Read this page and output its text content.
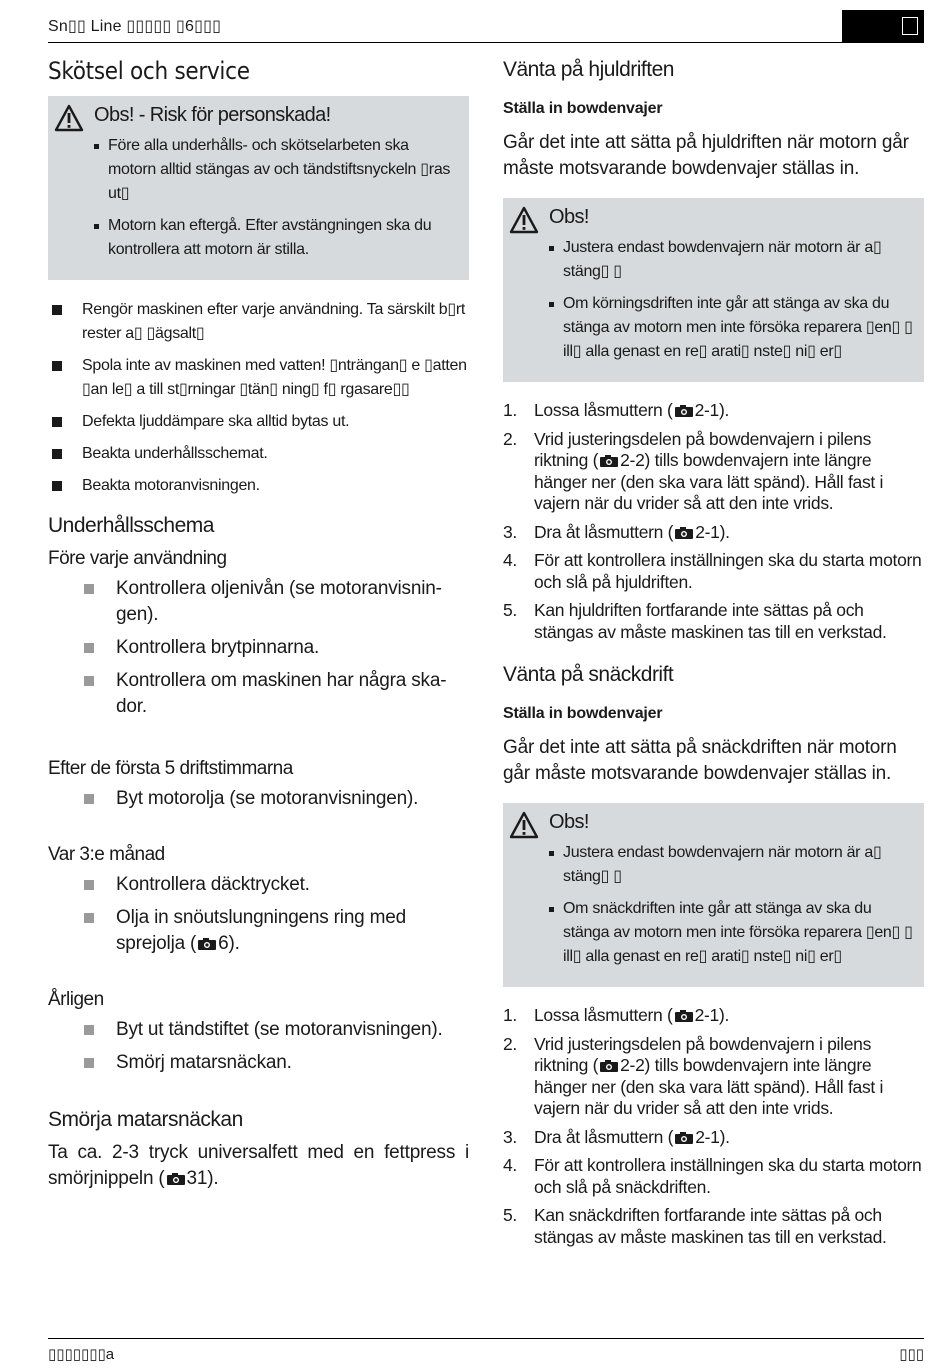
Sn▯▯ Line ▯▯▯▯▯ ▯6▯▯▯
Skötsel och service
Obs! - Risk för personskada!
Före alla underhålls- och skötselarbeten ska motorn alltid stängas av och tändstiftsnyckeln ▯ras ut▯
Motorn kan eftergå. Efter avstängningen ska du kontrollera att motorn är stilla.
Rengör maskinen efter varje användning. Ta särskilt b▯rt rester a▯ ▯ägsalt▯
Spola inte av maskinen med vatten! ▯nträngan▯ e ▯atten ▯an le▯ a till st▯rningar ▯tän▯ ning▯ f▯ rgasare▯▯
Defekta ljuddämpare ska alltid bytas ut.
Beakta underhållsschemat.
Beakta motoranvisningen.
Underhållsschema
Före varje användning
Kontrollera oljenivån (se motoranvisnin-gen).
Kontrollera brytpinnarna.
Kontrollera om maskinen har några ska-dor.
Efter de första 5 driftstimmarna
Byt motorolja (se motoranvisningen).
Var 3:e månad
Kontrollera däcktrycket.
Olja in snöutslungningens ring med sprejolja ( 6).
Årligen
Byt ut tändstiftet (se motoranvisningen).
Smörj matarsnäckan.
Smörja matarsnäckan

Ta ca. 2-3 tryck universalfett med en fettpress i smörjnippeln ( 31).

Vänta på hjuldriften
Ställa in bowdenvajer

Går det inte att sätta på hjuldriften när motorn går måste motsvarande bowdenvajer ställas in.

Obs!
Justera endast bowdenvajern när motorn är a▯ stäng▯ ▯
Om körningsdriften inte går att stänga av ska du stänga av motorn men inte försöka reparera ▯en▯ ▯ ill▯ alla genast en re▯ arati▯ nste▯ ni▯ er▯
1. Lossa låsmuttern ( 2-1).
2. Vrid justeringsdelen på bowdenvajern i pilens riktning ( 2-2) tills bowdenvajern inte längre hänger ner (den ska vara lätt spänd). Håll fast i vajern när du vrider så att den inte vrids.
3. Dra åt låsmuttern ( 2-1).
4. För att kontrollera inställningen ska du starta motorn och slå på hjuldriften.
5. Kan hjuldriften fortfarande inte sättas på och stängas av måste maskinen tas till en verkstad.
Vänta på snäckdrift
Ställa in bowdenvajer

Går det inte att sätta på snäckdriften när motorn går måste motsvarande bowdenvajer ställas in.

Obs!
Justera endast bowdenvajern när motorn är a▯ stäng▯ ▯
Om snäckdriften inte går att stänga av ska du stänga av motorn men inte försöka reparera ▯en▯ ▯ ill▯ alla genast en re▯ arati▯ nste▯ ni▯ er▯
1. Lossa låsmuttern ( 2-1).
2. Vrid justeringsdelen på bowdenvajern i pilens riktning ( 2-2) tills bowdenvajern inte längre hänger ner (den ska vara lätt spänd). Håll fast i vajern när du vrider så att den inte vrids.
3. Dra åt låsmuttern ( 2-1).
4. För att kontrollera inställningen ska du starta motorn och slå på snäckdriften.
5. Kan snäckdriften fortfarande inte sättas på och stängas av måste maskinen tas till en verkstad.
▯▯▯▯▯▯▯a	▯▯▯
